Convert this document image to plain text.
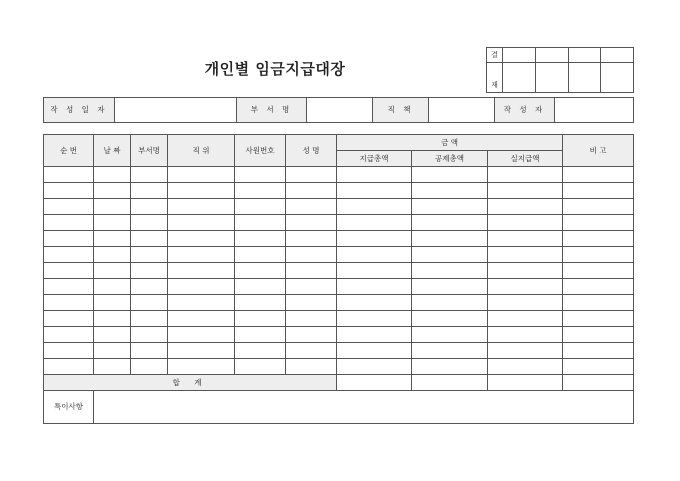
개인별 임금지급대장
결				
재				
작 성 일 자		부 서 명		직 책		작 성 자	
순 번	날 짜	부서명	직 위	사원번호	성 명	금 액			비 고
						지급총액	공제총액	실지급액	

합 계									
특이사항									
